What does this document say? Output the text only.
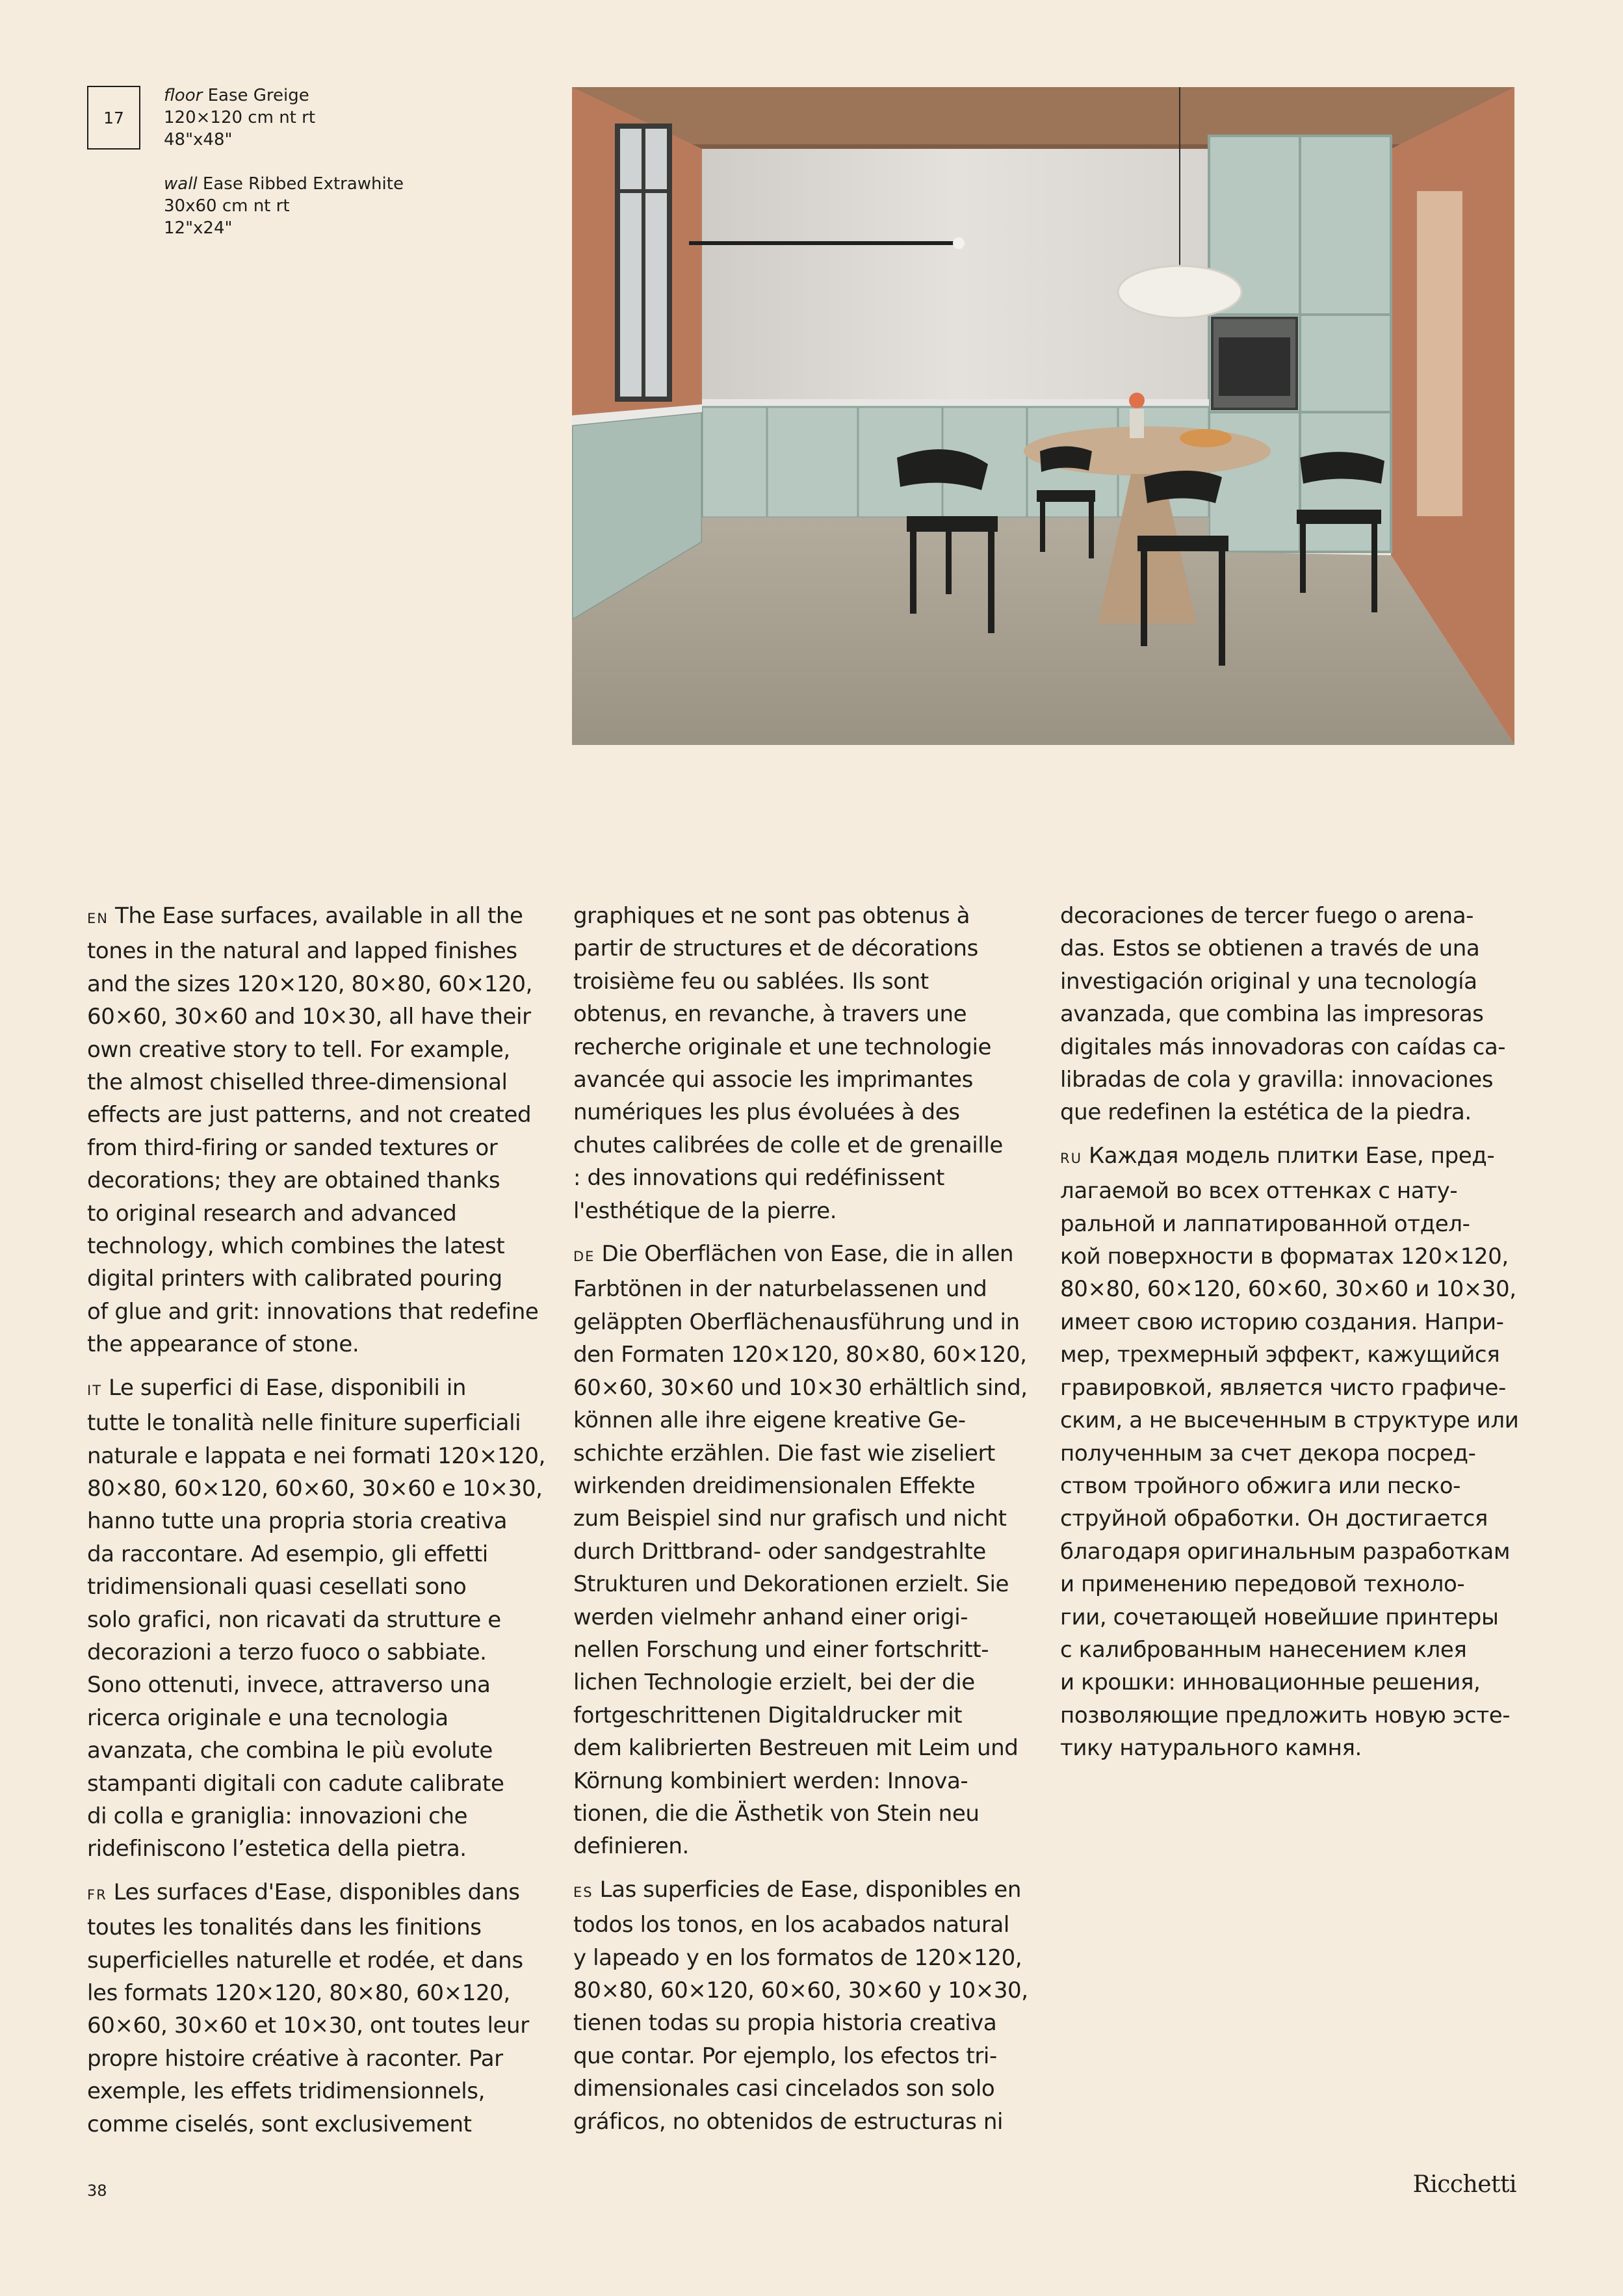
17
floor Ease Greige
120×120 cm nt rt
48"x48"
wall Ease Ribbed Extrawhite
30x60 cm nt rt
12"x24"

EN The Ease surfaces, available in all the

tones in the natural and lapped finishes
and the sizes 120×120, 80×80, 60×120,
60×60, 30×60 and 10×30, all have their
own creative story to tell. For example,
the almost chiselled three-dimensional
effects are just patterns, and not created
from third-firing or sanded textures or
decorations; they are obtained thanks
to original research and advanced
technology, which combines the latest
digital printers with calibrated pouring
of glue and grit: innovations that redefine
the appearance of stone.

IT Le superfici di Ease, disponibili in

tutte le tonalità nelle finiture superficiali
naturale e lappata e nei formati 120×120,
80×80, 60×120, 60×60, 30×60 e 10×30,
hanno tutte una propria storia creativa
da raccontare. Ad esempio, gli effetti
tridimensionali quasi cesellati sono
solo grafici, non ricavati da strutture e
decorazioni a terzo fuoco o sabbiate.
Sono ottenuti, invece, attraverso una
ricerca originale e una tecnologia
avanzata, che combina le più evolute
stampanti digitali con cadute calibrate
di colla e graniglia: innovazioni che
ridefiniscono l’estetica della pietra.

FR Les surfaces d'Ease, disponibles dans

toutes les tonalités dans les finitions
superficielles naturelle et rodée, et dans
les formats 120×120, 80×80, 60×120,
60×60, 30×60 et 10×30, ont toutes leur
propre histoire créative à raconter. Par
exemple, les effets tridimensionnels,
comme ciselés, sont exclusivement

graphiques et ne sont pas obtenus à

partir de structures et de décorations
troisième feu ou sablées. Ils sont
obtenus, en revanche, à travers une
recherche originale et une technologie
avancée qui associe les imprimantes
numériques les plus évoluées à des
chutes calibrées de colle et de grenaille
: des innovations qui redéfinissent
l'esthétique de la pierre.

DE Die Oberflächen von Ease, die in allen

Farbtönen in der naturbelassenen und
geläppten Oberflächenausführung und in
den Formaten 120×120, 80×80, 60×120,
60×60, 30×60 und 10×30 erhältlich sind,
können alle ihre eigene kreative Ge-
schichte erzählen. Die fast wie ziseliert
wirkenden dreidimensionalen Effekte
zum Beispiel sind nur grafisch und nicht
durch Drittbrand- oder sandgestrahlte
Strukturen und Dekorationen erzielt. Sie
werden vielmehr anhand einer origi-
nellen Forschung und einer fortschritt-
lichen Technologie erzielt, bei der die
fortgeschrittenen Digitaldrucker mit
dem kalibrierten Bestreuen mit Leim und
Körnung kombiniert werden: Innova-
tionen, die die Ästhetik von Stein neu
definieren.

ES Las superficies de Ease, disponibles en

todos los tonos, en los acabados natural
y lapeado y en los formatos de 120×120,
80×80, 60×120, 60×60, 30×60 y 10×30,
tienen todas su propia historia creativa
que contar. Por ejemplo, los efectos tri-
dimensionales casi cincelados son solo
gráficos, no obtenidos de estructuras ni

decoraciones de tercer fuego o arena-

das. Estos se obtienen a través de una
investigación original y una tecnología
avanzada, que combina las impresoras
digitales más innovadoras con caídas ca-
libradas de cola y gravilla: innovaciones
que redefinen la estética de la piedra.

RU Каждая модель плитки Ease, пред-

лагаемой во всех оттенках с нату-
ральной и лаппатированной отдел-
кой поверхности в форматах 120×120,
80×80, 60×120, 60×60, 30×60 и 10×30,
имеет свою историю создания. Напри-
мер, трехмерный эффект, кажущийся
гравировкой, является чисто графиче-
ским, а не высеченным в структуре или
полученным за счет декора посред-
ством тройного обжига или песко-
струйной обработки. Он достигается
благодаря оригинальным разработкам
и применению передовой техноло-
гии, сочетающей новейшие принтеры
с калиброванным нанесением клея
и крошки: инновационные решения,
позволяющие предложить новую эсте-
тику натурального камня.

38	Ricchetti
